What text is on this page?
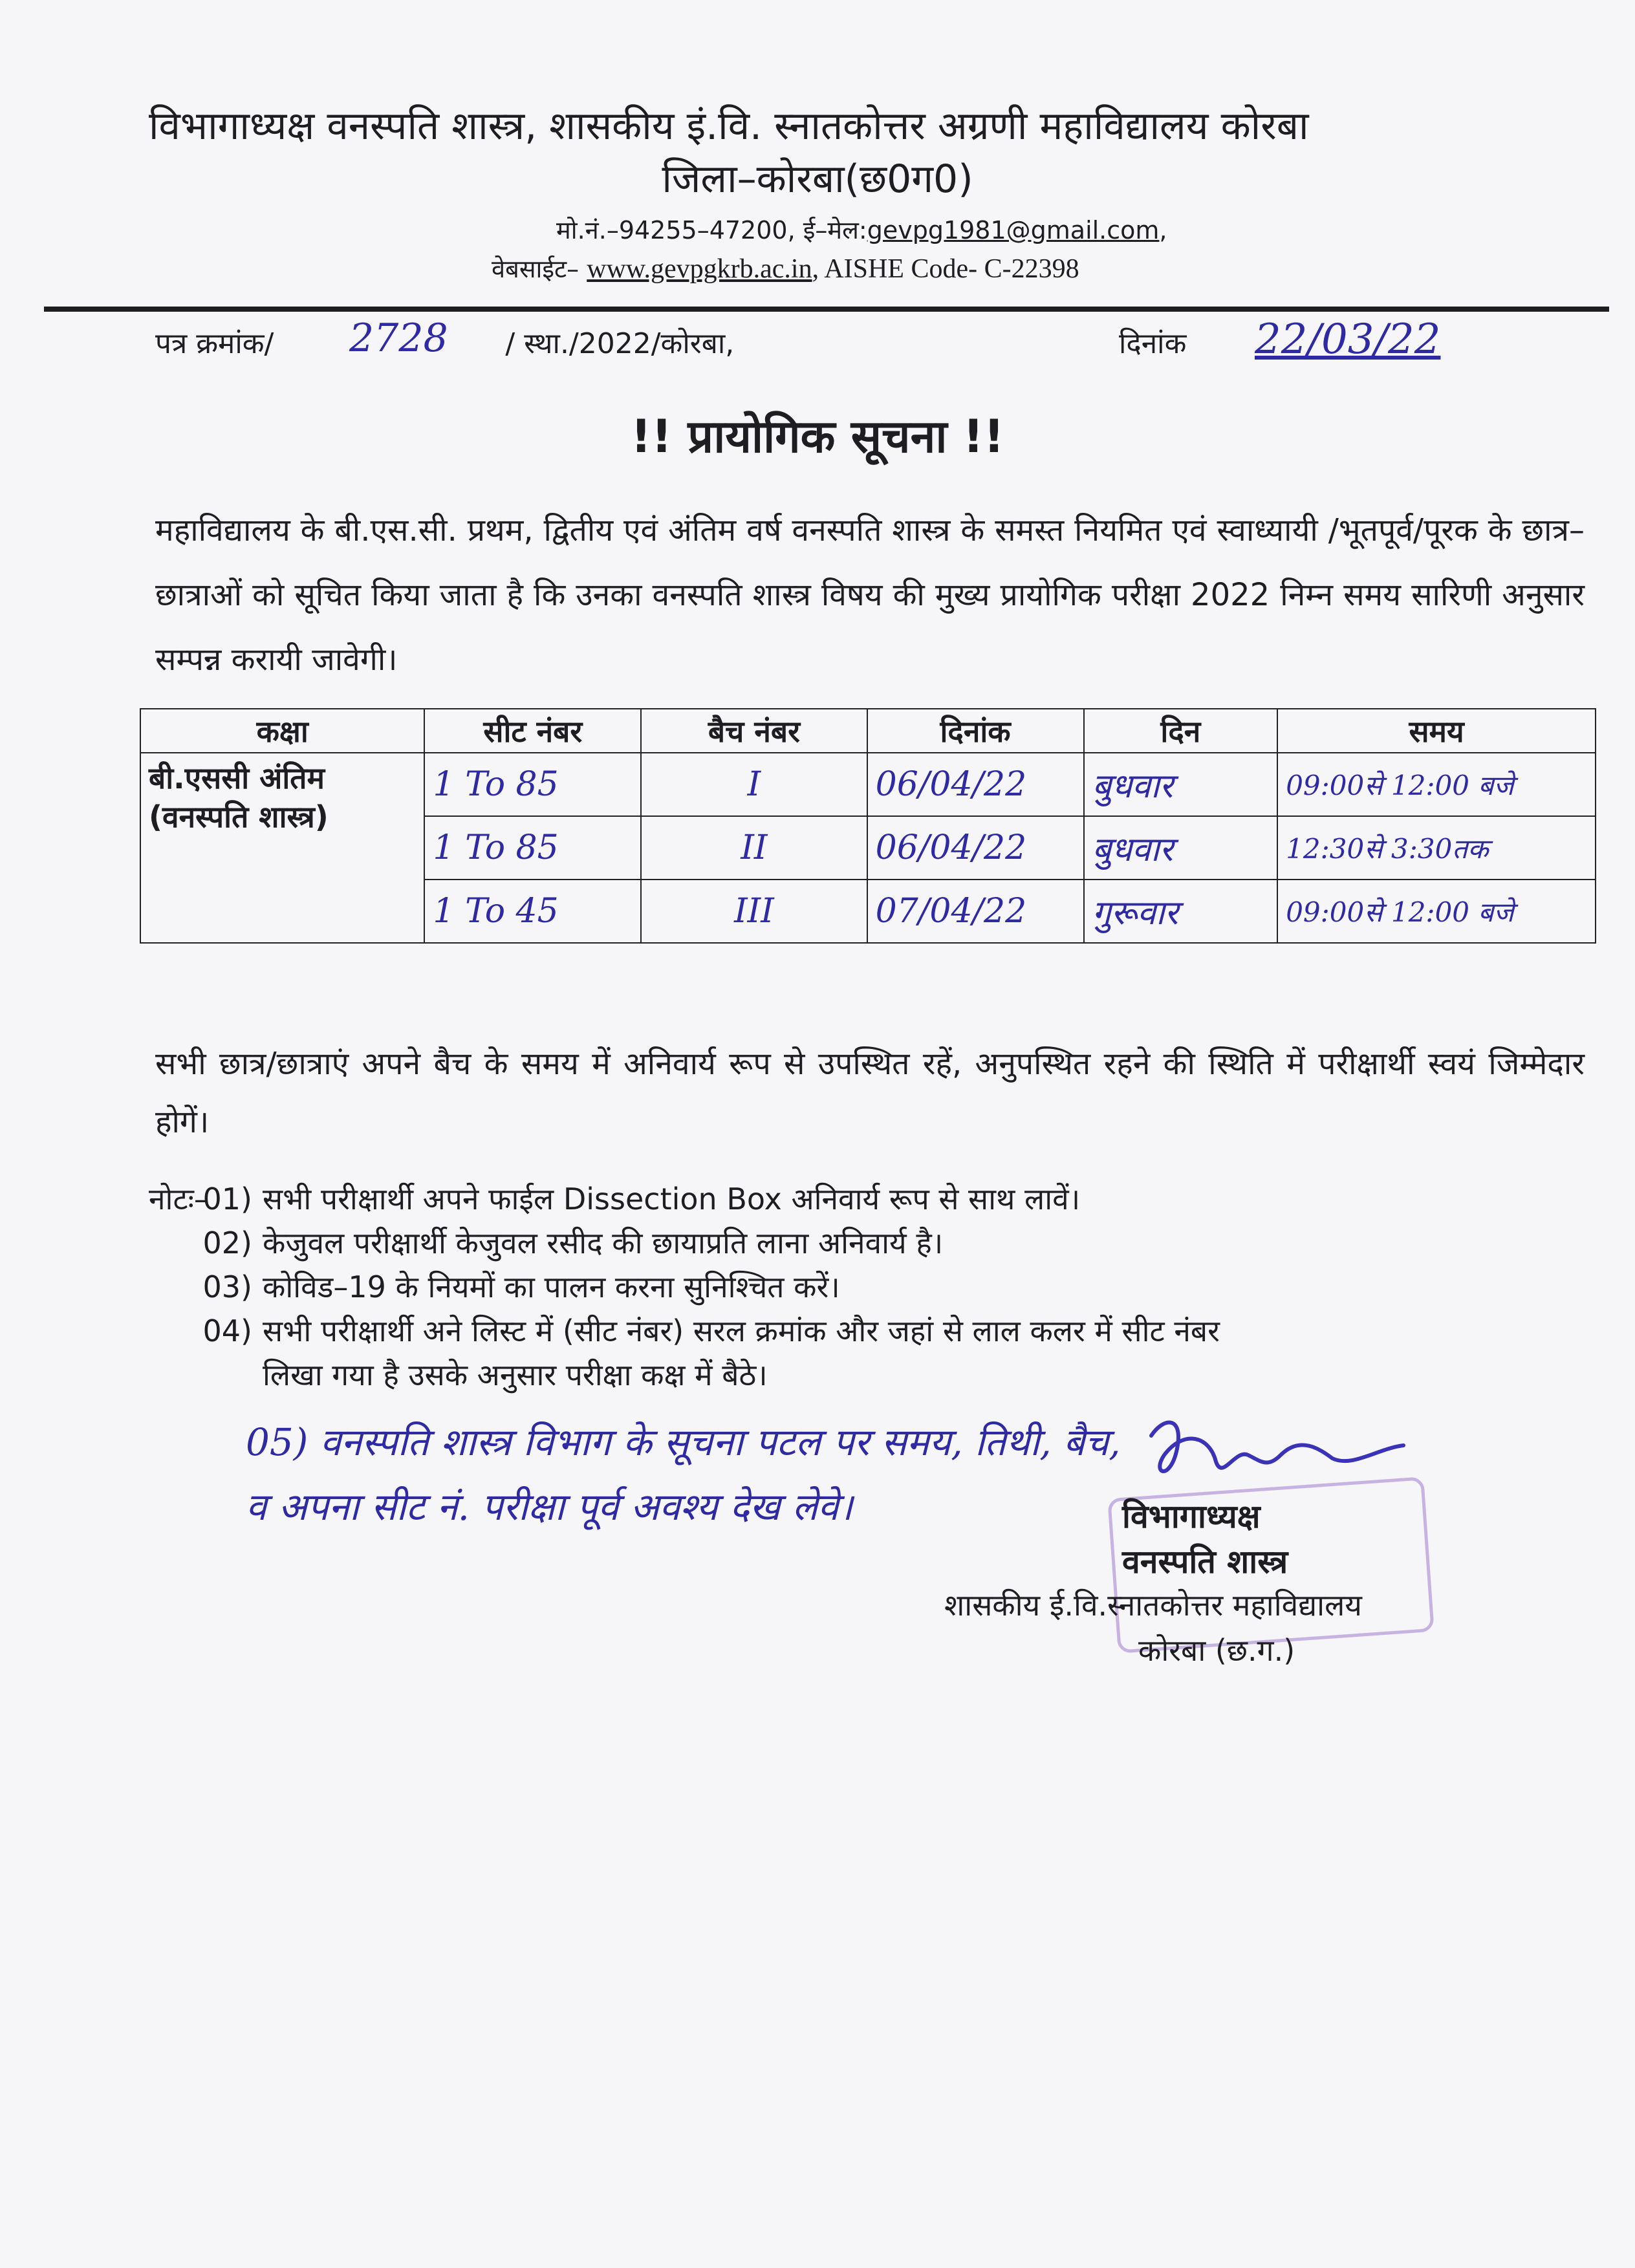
विभागाध्यक्ष वनस्पति शास्त्र, शासकीय इं.वि. स्नातकोत्तर अग्रणी महाविद्यालय कोरबा
जिला–कोरबा(छ0ग0)
मो.नं.–94255–47200, ई–मेल:gevpg1981@gmail.com,
वेबसाईट– www.gevpgkrb.ac.in, AISHE Code- C-22398
पत्र क्रमांक/	/ स्था./2022/कोरबा,
2728	दिनांक 22/03/22
!! प्रायोगिक सूचना !!
महाविद्यालय के बी.एस.सी. प्रथम, द्वितीय एवं अंतिम वर्ष वनस्पति शास्त्र के समस्त नियमित एवं स्वाध्यायी /भूतपूर्व/पूरक के छात्र–छात्राओं को सूचित किया जाता है कि उनका वनस्पति शास्त्र विषय की मुख्य प्रायोगिक परीक्षा 2022 निम्न समय सारिणी अनुसार सम्पन्न करायी जावेगी।
कक्षा	सीट नंबर	बैच नंबर	दिनांक	दिन	समय

बी.एससी अंतिम
(वनस्पति शास्त्र)	1 To 85	I	06/04/22	बुधवार	09:00से 12:00 बजे
	1 To 85	II	06/04/22	बुधवार	12:30से 3:30तक
	1 To 45	III	07/04/22	गुरूवार	09:00से 12:00 बजे
सभी छात्र/छात्राएं अपने बैच के समय में अनिवार्य रूप से उपस्थित रहें, अनुपस्थित रहने की स्थिति में परीक्षार्थी स्वयं जिम्मेदार होगें।
नोटः–
01) सभी परीक्षार्थी अपने फाईल Dissection Box अनिवार्य रूप से साथ लावें।
02) केजुवल परीक्षार्थी केजुवल रसीद की छायाप्रति लाना अनिवार्य है।
03) कोविड–19 के नियमों का पालन करना सुनिश्चित करें।
04) सभी परीक्षार्थी अने लिस्ट में (सीट नंबर) सरल क्रमांक और जहां से लाल कलर में सीट नंबर
लिखा गया है उसके अनुसार परीक्षा कक्ष में बैठे।
05) वनस्पति शास्त्र विभाग के सूचना पटल पर समय, तिथी, बैच, व अपना सीट नं. परीक्षा पूर्व अवश्य देख लेवे।	विभागाध्यक्ष
वनस्पति शास्त्र
शासकीय ई.वि.स्नातकोत्तर महाविद्यालय
कोरबा (छ.ग.)
